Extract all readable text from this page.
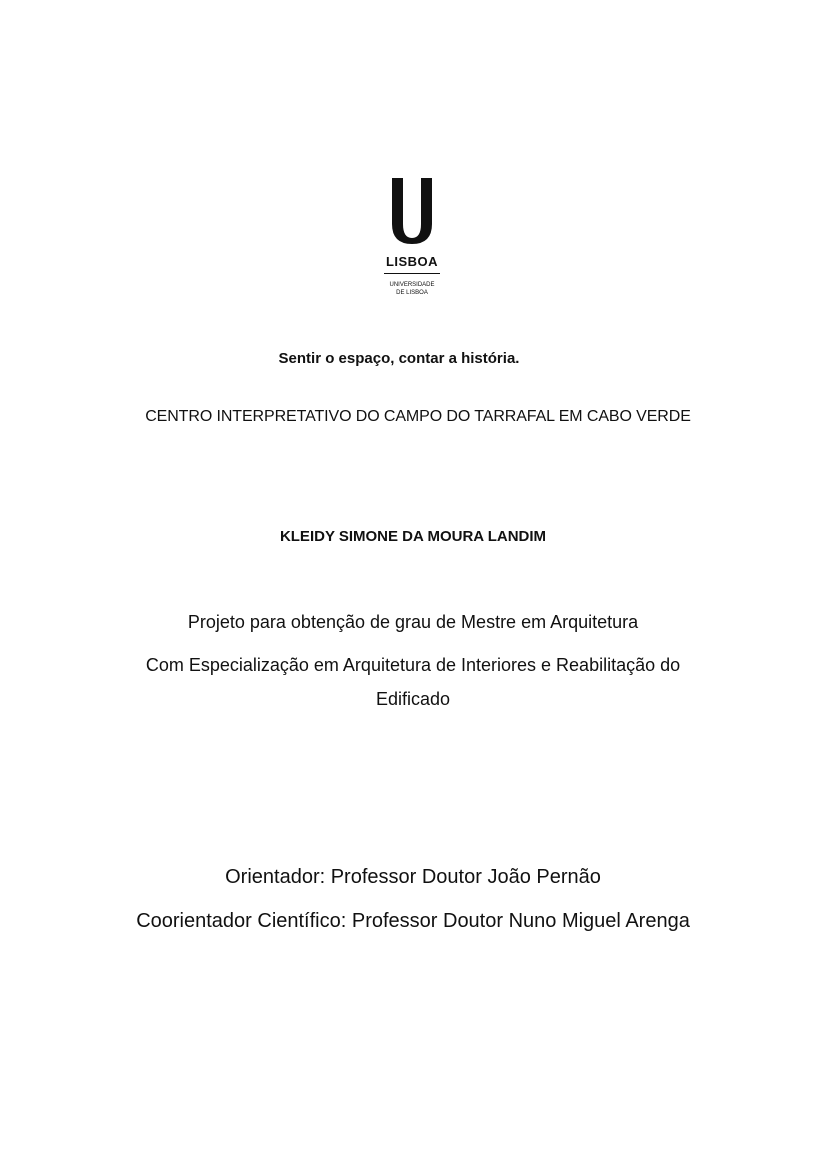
LISBOA
UNIVERSIDADE
DE LISBOA
Sentir o espaço, contar a história.
CENTRO INTERPRETATIVO DO CAMPO DO TARRAFAL EM CABO VERDE
KLEIDY SIMONE DA MOURA LANDIM
Projeto para obtenção de grau de Mestre em Arquitetura
Com Especialização em Arquitetura de Interiores e Reabilitação do
Edificado
Orientador: Professor Doutor João Pernão
Coorientador Científico: Professor Doutor Nuno Miguel Arenga
